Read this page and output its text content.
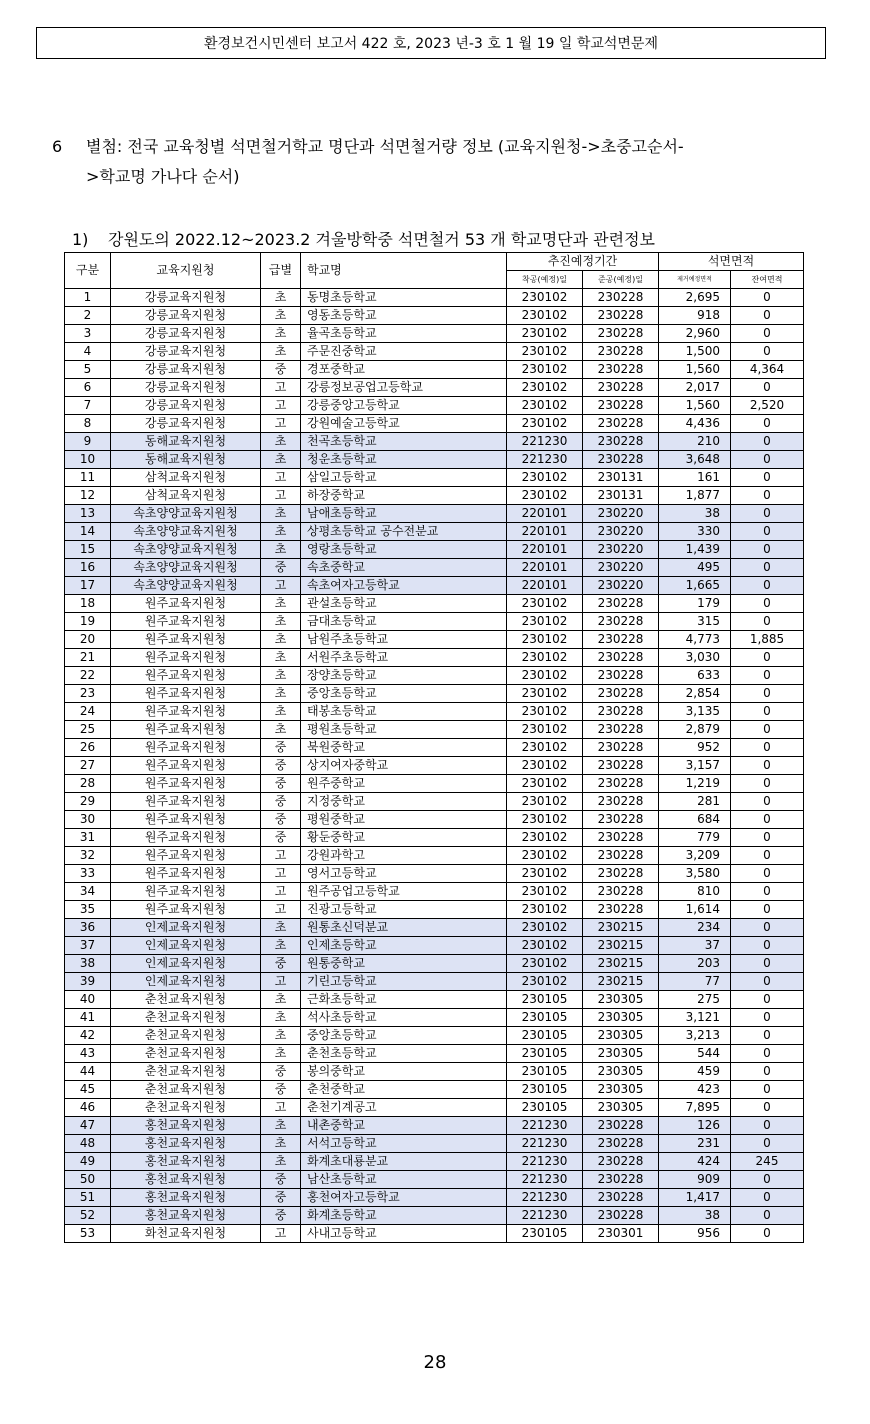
환경보건시민센터 보고서 422 호, 2023 년-3 호 1 월 19 일 학교석면문제
6 별첨: 전국 교육청별 석면철거학교 명단과 석면철거량 정보 (교육지원청->초중고순서-
>학교명 가나다 순서)
1) 강원도의 2022.12~2023.2 겨울방학중 석면철거 53 개 학교명단과 관련정보
구분	교육지원청	급별	학교명	추진예정기간		석면면적	
				착공(예정)일	준공(예정)일	제거예정면적	잔여면적
1	강릉교육지원청	초	동명초등학교	230102	230228	2,695	0
2	강릉교육지원청	초	영동초등학교	230102	230228	918	0
3	강릉교육지원청	초	율곡초등학교	230102	230228	2,960	0
4	강릉교육지원청	초	주문진중학교	230102	230228	1,500	0
5	강릉교육지원청	중	경포중학교	230102	230228	1,560	4,364
6	강릉교육지원청	고	강릉정보공업고등학교	230102	230228	2,017	0
7	강릉교육지원청	고	강릉중앙고등학교	230102	230228	1,560	2,520
8	강릉교육지원청	고	강원예술고등학교	230102	230228	4,436	0
9	동해교육지원청	초	천곡초등학교	221230	230228	210	0
10	동해교육지원청	초	청운초등학교	221230	230228	3,648	0
11	삼척교육지원청	고	삼일고등학교	230102	230131	161	0
12	삼척교육지원청	고	하장중학교	230102	230131	1,877	0
13	속초양양교육지원청	초	남애초등학교	220101	230220	38	0
14	속초양양교육지원청	초	상평초등학교 공수전분교	220101	230220	330	0
15	속초양양교육지원청	초	영랑초등학교	220101	230220	1,439	0
16	속초양양교육지원청	중	속초중학교	220101	230220	495	0
17	속초양양교육지원청	고	속초여자고등학교	220101	230220	1,665	0
18	원주교육지원청	초	관설초등학교	230102	230228	179	0
19	원주교육지원청	초	금대초등학교	230102	230228	315	0
20	원주교육지원청	초	남원주초등학교	230102	230228	4,773	1,885
21	원주교육지원청	초	서원주초등학교	230102	230228	3,030	0
22	원주교육지원청	초	장양초등학교	230102	230228	633	0
23	원주교육지원청	초	중앙초등학교	230102	230228	2,854	0
24	원주교육지원청	초	태봉초등학교	230102	230228	3,135	0
25	원주교육지원청	초	평원초등학교	230102	230228	2,879	0
26	원주교육지원청	중	북원중학교	230102	230228	952	0
27	원주교육지원청	중	상지여자중학교	230102	230228	3,157	0
28	원주교육지원청	중	원주중학교	230102	230228	1,219	0
29	원주교육지원청	중	지정중학교	230102	230228	281	0
30	원주교육지원청	중	평원중학교	230102	230228	684	0
31	원주교육지원청	중	황둔중학교	230102	230228	779	0
32	원주교육지원청	고	강원과학고	230102	230228	3,209	0
33	원주교육지원청	고	영서고등학교	230102	230228	3,580	0
34	원주교육지원청	고	원주공업고등학교	230102	230228	810	0
35	원주교육지원청	고	진광고등학교	230102	230228	1,614	0
36	인제교육지원청	초	원통초신덕분교	230102	230215	234	0
37	인제교육지원청	초	인제초등학교	230102	230215	37	0
38	인제교육지원청	중	원통중학교	230102	230215	203	0
39	인제교육지원청	고	기린고등학교	230102	230215	77	0
40	춘천교육지원청	초	근화초등학교	230105	230305	275	0
41	춘천교육지원청	초	석사초등학교	230105	230305	3,121	0
42	춘천교육지원청	초	중앙초등학교	230105	230305	3,213	0
43	춘천교육지원청	초	춘천초등학교	230105	230305	544	0
44	춘천교육지원청	중	봉의중학교	230105	230305	459	0
45	춘천교육지원청	중	춘천중학교	230105	230305	423	0
46	춘천교육지원청	고	춘천기계공고	230105	230305	7,895	0
47	홍천교육지원청	초	내촌중학교	221230	230228	126	0
48	홍천교육지원청	초	서석고등학교	221230	230228	231	0
49	홍천교육지원청	초	화계초대룡분교	221230	230228	424	245
50	홍천교육지원청	중	남산초등학교	221230	230228	909	0
51	홍천교육지원청	중	홍천여자고등학교	221230	230228	1,417	0
52	홍천교육지원청	중	화계초등학교	221230	230228	38	0
53	화천교육지원청	고	사내고등학교	230105	230301	956	0
28
